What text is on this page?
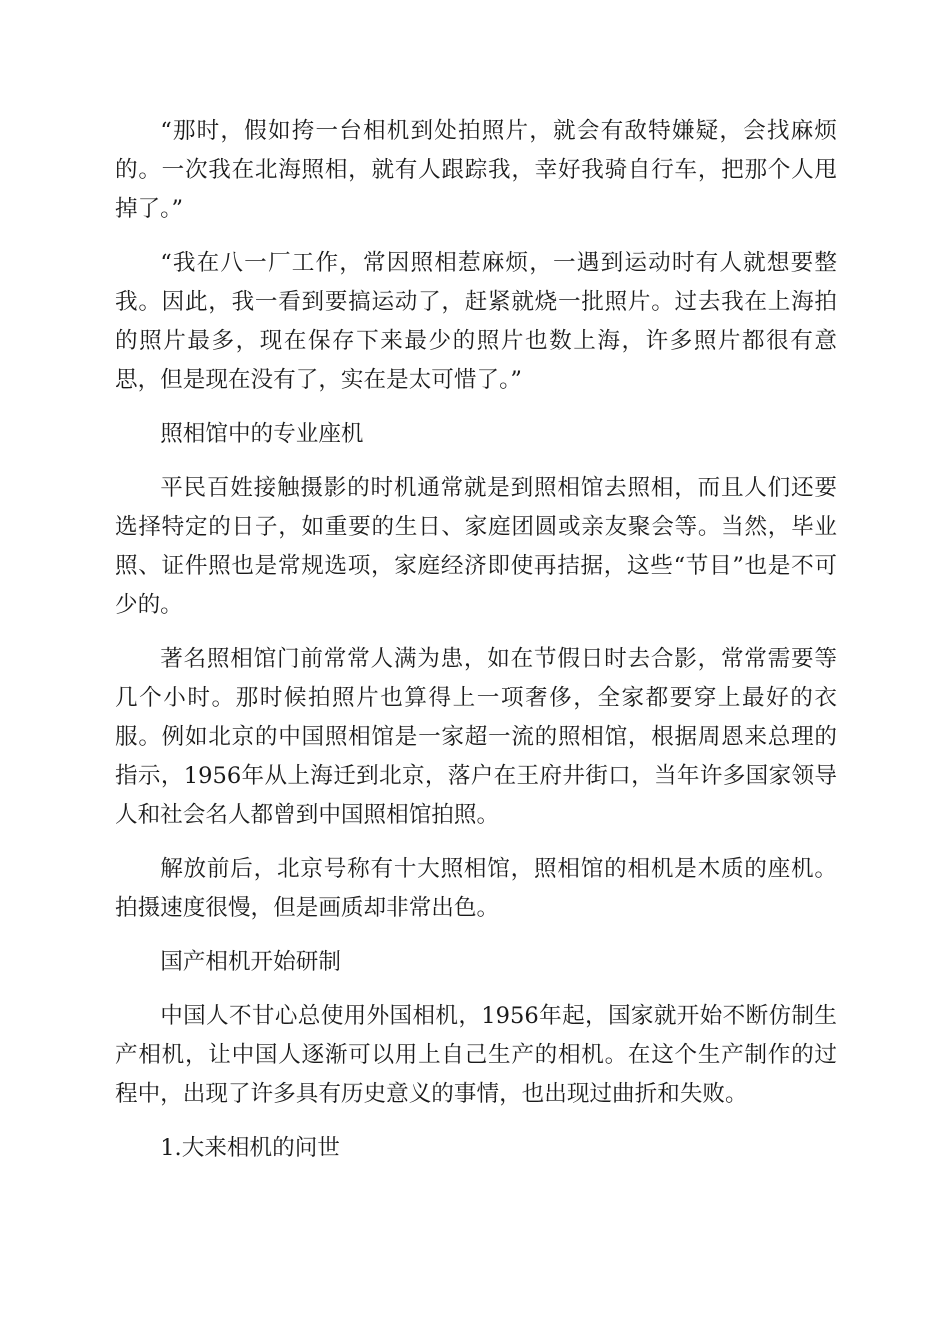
“那时，假如挎一台相机到处拍照片，就会有敌特嫌疑，会找麻烦的。一次我在北海照相，就有人跟踪我，幸好我骑自行车，把那个人甩掉了。”

“我在八一厂工作，常因照相惹麻烦，一遇到运动时有人就想要整我。因此，我一看到要搞运动了，赶紧就烧一批照片。过去我在上海拍的照片最多，现在保存下来最少的照片也数上海，许多照片都很有意思，但是现在没有了，实在是太可惜了。”

照相馆中的专业座机

平民百姓接触摄影的时机通常就是到照相馆去照相，而且人们还要选择特定的日子，如重要的生日、家庭团圆或亲友聚会等。当然，毕业照、证件照也是常规选项，家庭经济即使再拮据，这些“节目”也是不可少的。

著名照相馆门前常常人满为患，如在节假日时去合影，常常需要等几个小时。那时候拍照片也算得上一项奢侈，全家都要穿上最好的衣服。例如北京的中国照相馆是一家超一流的照相馆，根据周恩来总理的指示，1956年从上海迁到北京，落户在王府井街口，当年许多国家领导人和社会名人都曾到中国照相馆拍照。

解放前后，北京号称有十大照相馆，照相馆的相机是木质的座机。拍摄速度很慢，但是画质却非常出色。

国产相机开始研制

中国人不甘心总使用外国相机，1956年起，国家就开始不断仿制生产相机，让中国人逐渐可以用上自己生产的相机。在这个生产制作的过程中，出现了许多具有历史意义的事情，也出现过曲折和失败。

1.大来相机的问世
